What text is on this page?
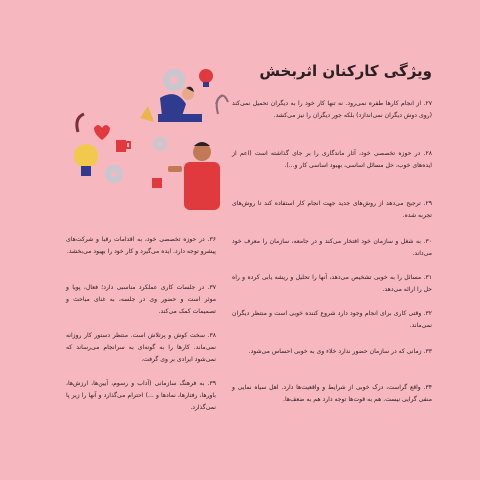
ویژگی کارکنان اثربخش
۲۷. از انجام کارها طفره نمی‌رود. نه تنها کار خود را به دیگران تحمیل نمی‌کند (روی دوش دیگران نمی‌اندازد) بلکه جور دیگران را نیز می‌کشد.
۲۸. در حوزه تخصصی خود، آثار ماندگاری را بر جای گذاشته است (اعم از ایده‌های خوب، حل مسائل اساسی، بهبود اساسی کار و...).
۲۹. ترجیح می‌دهد از روش‌های جدید جهت انجام کار استفاده کند تا روش‌های تجربه شده.
۳۰. به شغل و سازمان خود افتخار می‌کند و در جامعه، سازمان را معرف خود می‌داند.
۳۱. مسائل را به خوبی تشخیص می‌دهد، آنها را تحلیل و ریشه یابی کرده و راه حل را ارائه می‌دهد.
۳۲. وقتی کاری برای انجام وجود دارد شروع کننده خوبی است و منتظر دیگران نمی‌ماند.
۳۳. زمانی که در سازمان حضور ندارد خلاء وی به خوبی احساس می‌شود.
۳۴. واقع گراست، درک خوبی از شرایط و واقعیت‌ها دارد. اهل سیاه نمایی و منفی گرایی نیست. هم به قوت‌ها توجه دارد هم به ضعف‌ها.
۳۶. در حوزه تخصصی خود، به اقدامات رقبا و شرکت‌های پیشرو توجه دارد. ایده می‌گیرد و کار خود را بهبود می‌بخشد.
۳۷. در جلسات کاری عملکرد مناسبی دارد؛ فعال، پویا و موثر است و حضور وی در جلسه، به غنای مباحث و تصمیمات کمک می‌کند.
۳۸. سخت کوش و پرتلاش است. منتظر دستور کار روزانه نمی‌ماند. کارها را به گونه‌ای به سرانجام می‌رساند که نمی‌شود ایرادی بر وی گرفت.
۳۹. به فرهنگ سازمانی (آداب و رسوم، آیین‌ها، ارزش‌ها، باورها، رفتارها، نمادها و ...) احترام می‌گذارد و آنها را زیر پا نمی‌گذارد.
